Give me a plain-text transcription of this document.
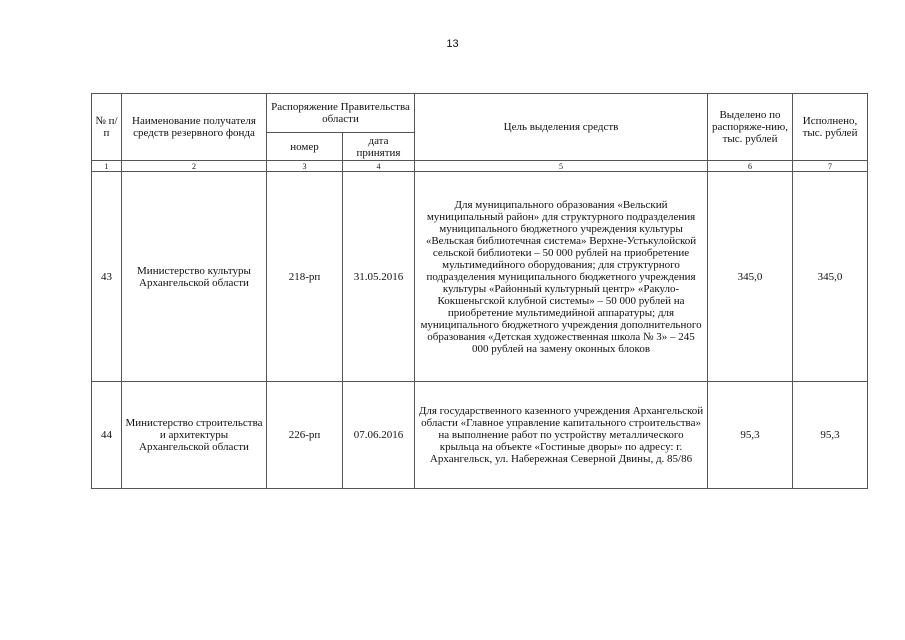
13
№ п/п	Наименование получателя средств резервного фонда	Распоряжение Правительства области		Цель выделения средств	Выделено по распоряже-нию, тыс. рублей	Исполнено, тыс. рублей
		номер	дата принятия			
1	2	3	4	5	6	7
43	Министерство культуры Архангельской области	218-рп	31.05.2016	Для муниципального образования «Вельский муниципальный район» для структурного подразделения муниципального бюджетного учреждения культуры «Вельская библиотечная система» Верхне-Устькулойской сельской библиотеки – 50 000 рублей на приобретение мультимедийного оборудования; для структурного подразделения муниципального бюджетного учреждения культуры «Районный культурный центр» «Ракуло-Кокшеньгской клубной системы» – 50 000 рублей на приобретение мультимедийной аппаратуры; для муниципального бюджетного учреждения дополнительного образования «Детская художественная школа № 3» – 245 000 рублей на замену оконных блоков	345,0	345,0
44	Министерство строительства и архитектуры Архангельской области	226-рп	07.06.2016	Для государственного казенного учреждения Архангельской области «Главное управление капитального строительства» на выполнение работ по устройству металлического крыльца на объекте «Гостиные дворы» по адресу: г. Архангельск, ул. Набережная Северной Двины, д. 85/86	95,3	95,3
